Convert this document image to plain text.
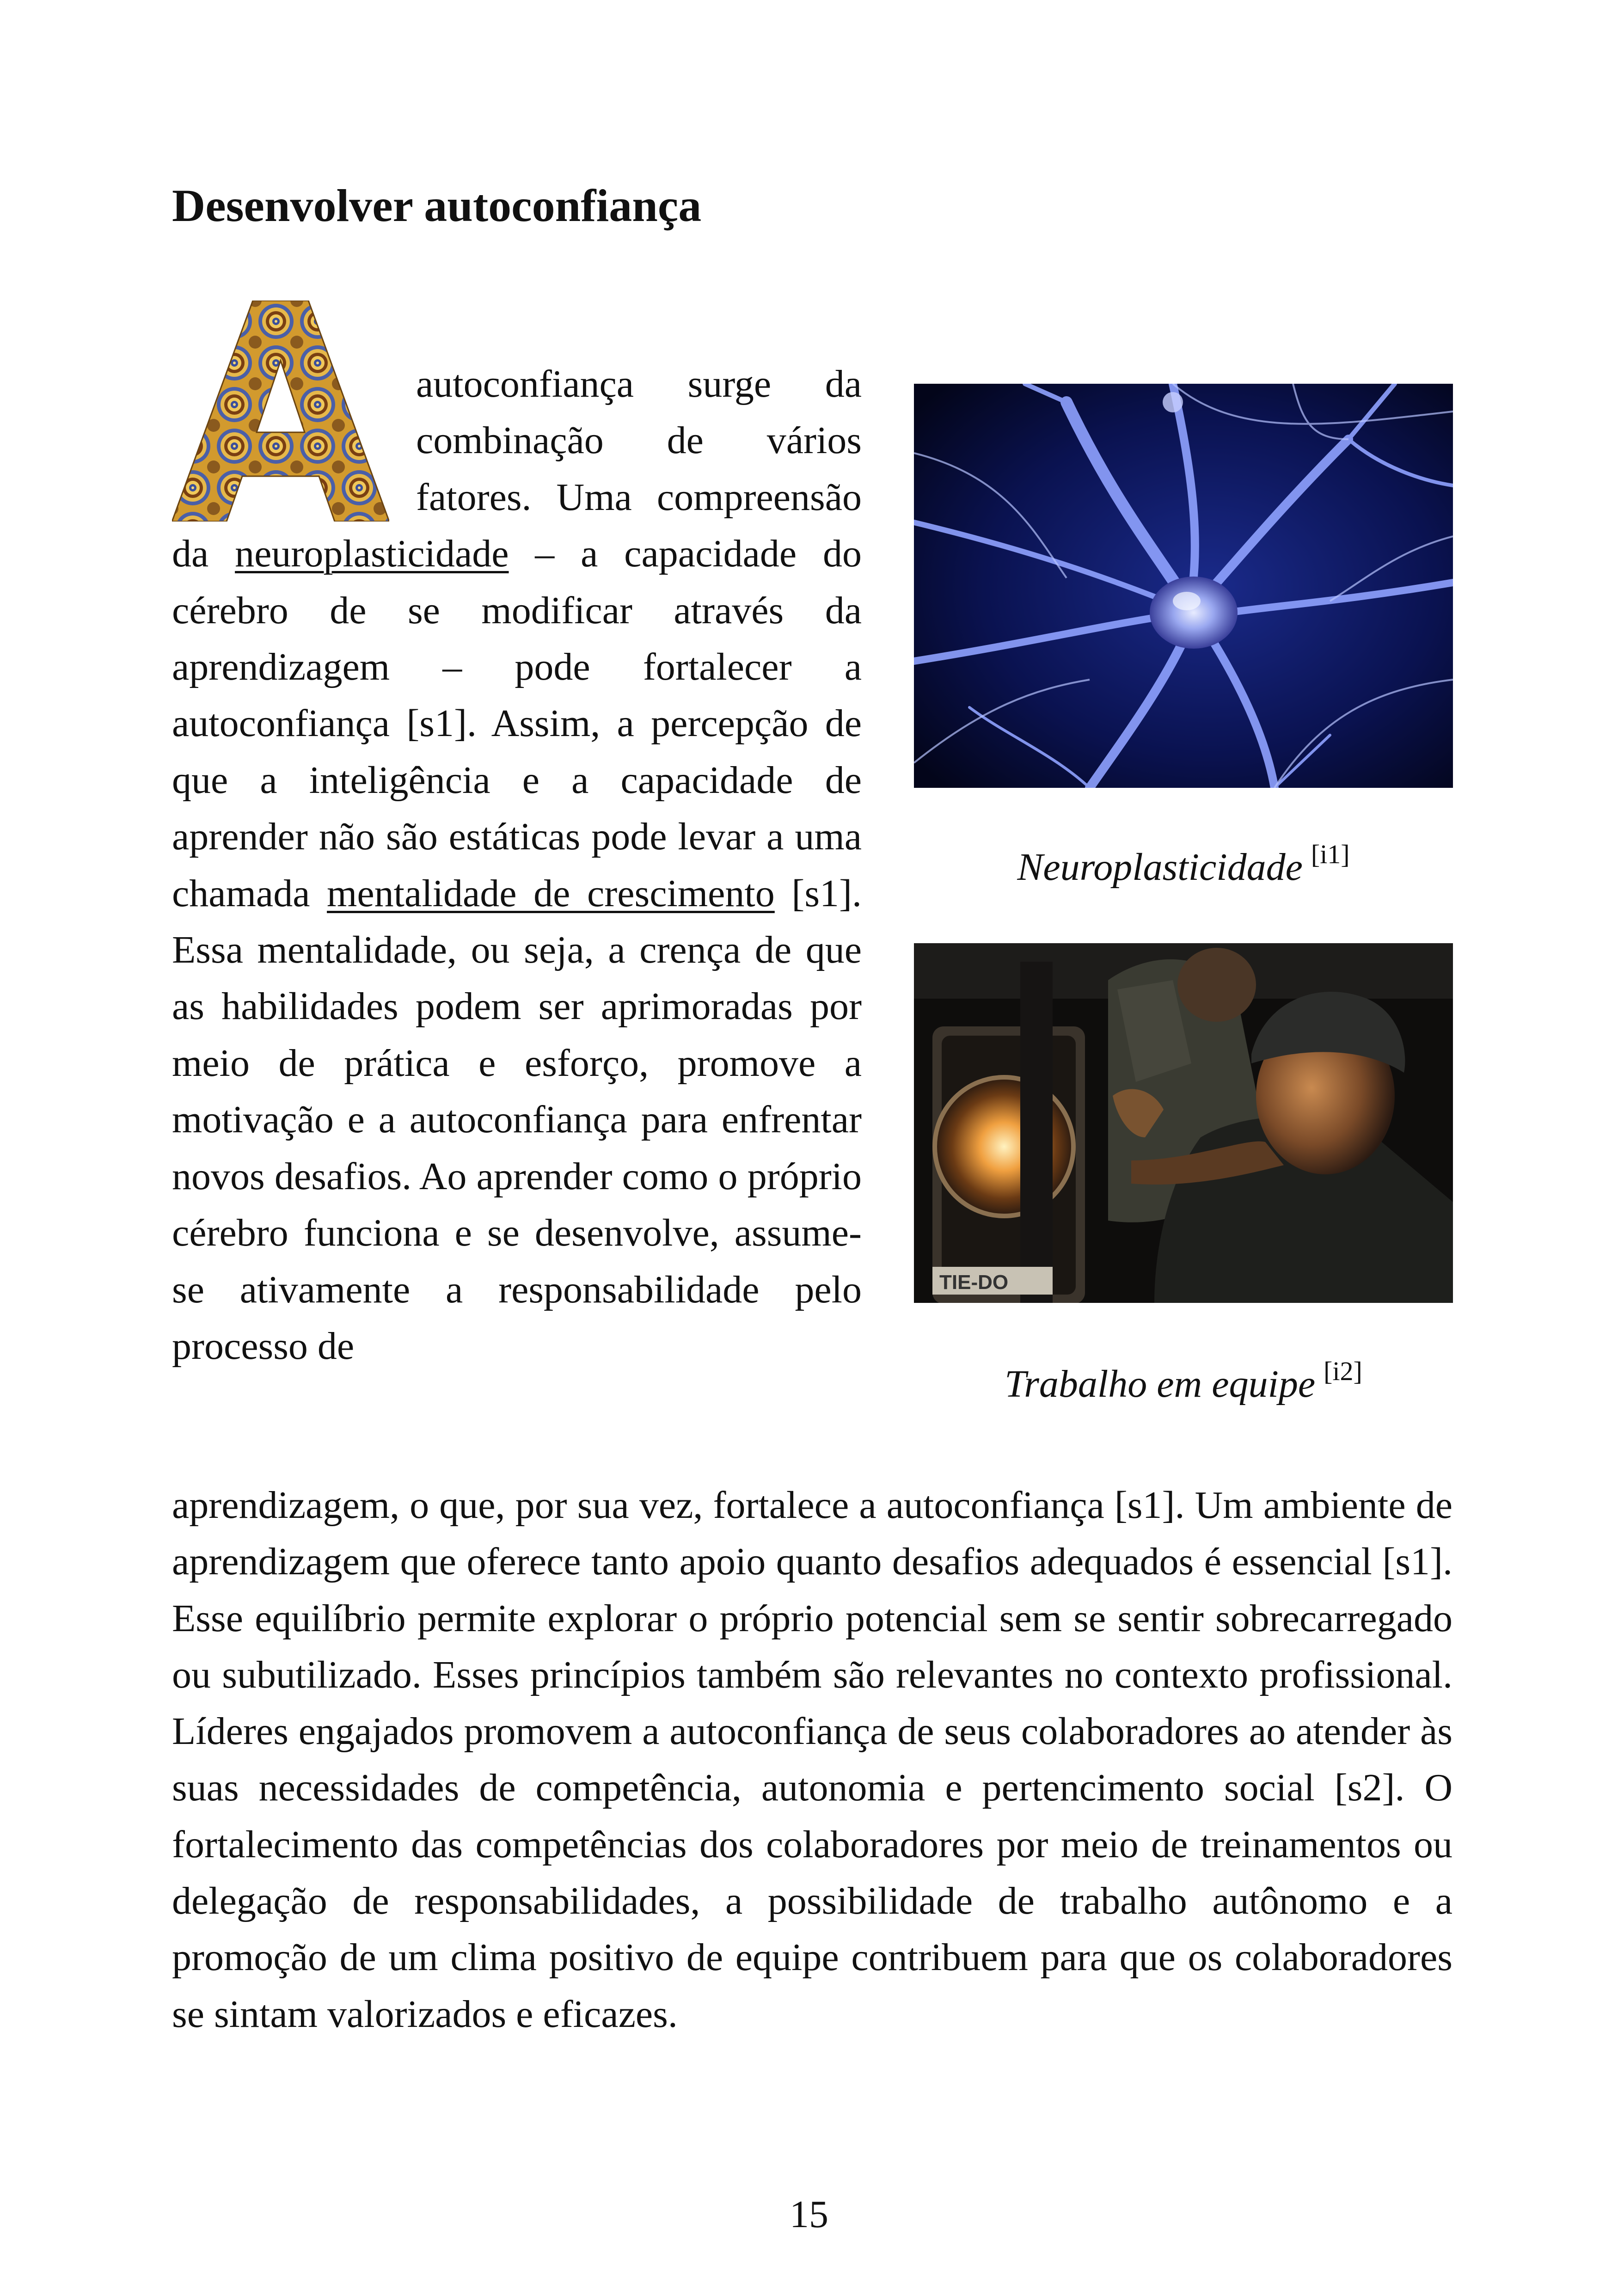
Desenvolver autoconfiança

autoconfiança surge da combinação de vários fatores. Uma compreensão da neuroplasticidade – a capacidade do cérebro de se modificar através da aprendizagem – pode fortalecer a autoconfiança [s1]. Assim, a percepção de que a inteligência e a capacidade de aprender não são estáticas pode levar a uma chamada mentalidade de crescimento [s1]. Essa mentalidade, ou seja, a crença de que as habilidades podem ser aprimoradas por meio de prática e esforço, promove a motivação e a autoconfiança para enfrentar novos desafios. Ao aprender como o próprio cérebro funciona e se desenvolve, assume-se ativamente a responsabilidade pelo processo de

aprendizagem, o que, por sua vez, fortalece a autoconfiança [s1]. Um ambiente de aprendizagem que oferece tanto apoio quanto desafios adequados é essencial [s1]. Esse equilíbrio permite explorar o próprio potencial sem se sentir sobrecarregado ou subutilizado. Esses princípios também são relevantes no contexto profissional. Líderes engajados promovem a autoconfiança de seus colaboradores ao atender às suas necessidades de competência, autonomia e pertencimento social [s2]. O fortalecimento das competências dos colaboradores por meio de treinamentos ou delegação de responsabilidades, a possibilidade de trabalho autônomo e a promoção de um clima positivo de equipe contribuem para que os colaboradores se sintam valorizados e eficazes.

Neuroplasticidade [i1]
TIE-DO
Trabalho em equipe [i2]
15
